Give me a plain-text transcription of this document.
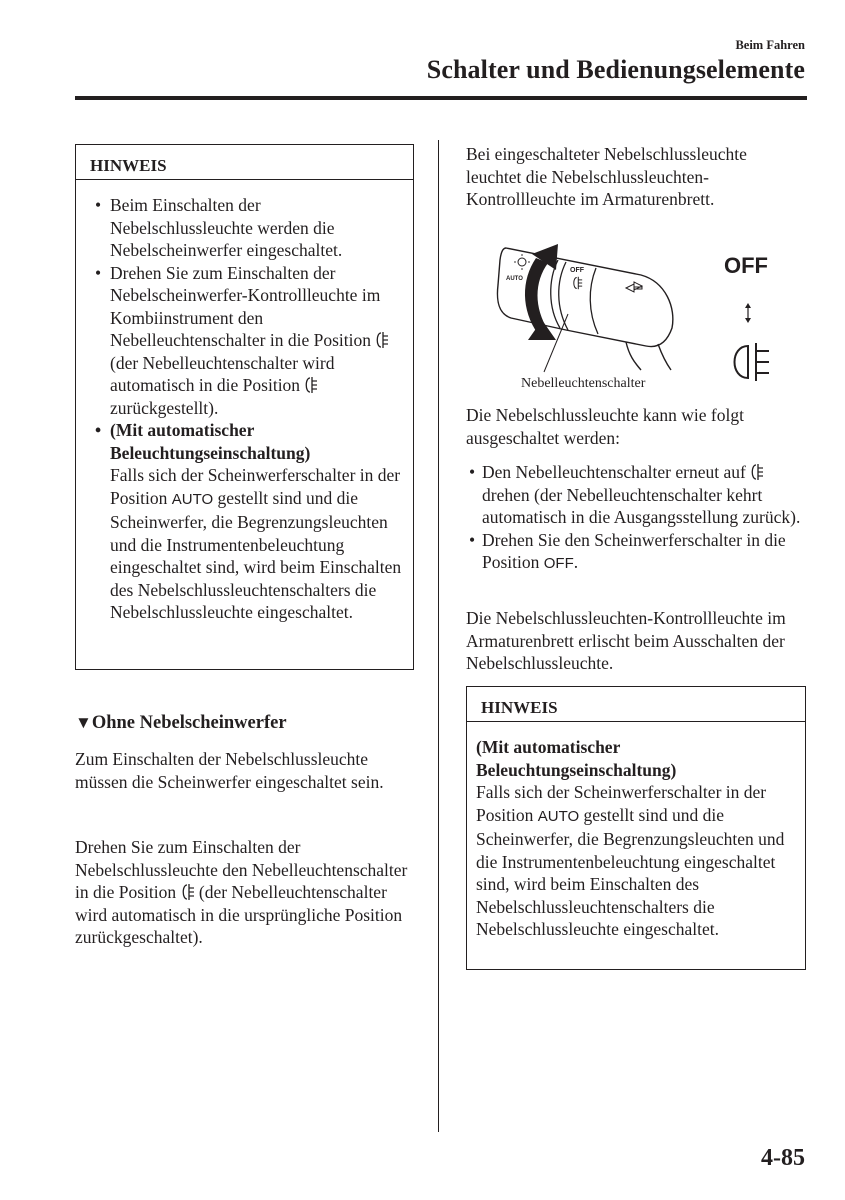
Beim Fahren
Schalter und Bedienungselemente
HINWEIS
• Beim Einschalten der Nebelschlussleuchte werden die Nebelscheinwerfer eingeschaltet.
• Drehen Sie zum Einschalten der Nebelscheinwerfer-Kontrollleuchte im Kombiinstrument den Nebelleuchtenschalter in die Position  (der Nebelleuchtenschalter wird automatisch in die Position  zurückgestellt).
• (Mit automatischer Beleuchtungseinschaltung)
Falls sich der Scheinwerferschalter in der Position AUTO gestellt sind und die Scheinwerfer, die Begrenzungsleuchten und die Instrumentenbeleuchtung eingeschaltet sind, wird beim Einschalten des Nebelschlussleuchtenschalters die Nebelschlussleuchte eingeschaltet.
▼Ohne Nebelscheinwerfer
Zum Einschalten der Nebelschlussleuchte müssen die Scheinwerfer eingeschaltet sein.
Drehen Sie zum Einschalten der Nebelschlussleuchte den Nebelleuchtenschalter in die Position (der Nebelleuchtenschalter wird automatisch in die ursprüngliche Position zurückgeschaltet).
Bei eingeschalteter Nebelschlussleuchte leuchtet die Nebelschlussleuchten-Kontrollleuchte im Armaturenbrett.
OFF
AUTO
OFF
Nebelleuchtenschalter
Die Nebelschlussleuchte kann wie folgt ausgeschaltet werden:
• Den Nebelleuchtenschalter erneut auf  drehen (der Nebelleuchtenschalter kehrt automatisch in die Ausgangsstellung zurück).
• Drehen Sie den Scheinwerferschalter in die Position OFF.
Die Nebelschlussleuchten-Kontrollleuchte im Armaturenbrett erlischt beim Ausschalten der Nebelschlussleuchte.
HINWEIS
(Mit automatischer Beleuchtungseinschaltung)
Falls sich der Scheinwerferschalter in der Position AUTO gestellt sind und die Scheinwerfer, die Begrenzungsleuchten und die Instrumentenbeleuchtung eingeschaltet sind, wird beim Einschalten des Nebelschlussleuchtenschalters die Nebelschlussleuchte eingeschaltet.
4-85
